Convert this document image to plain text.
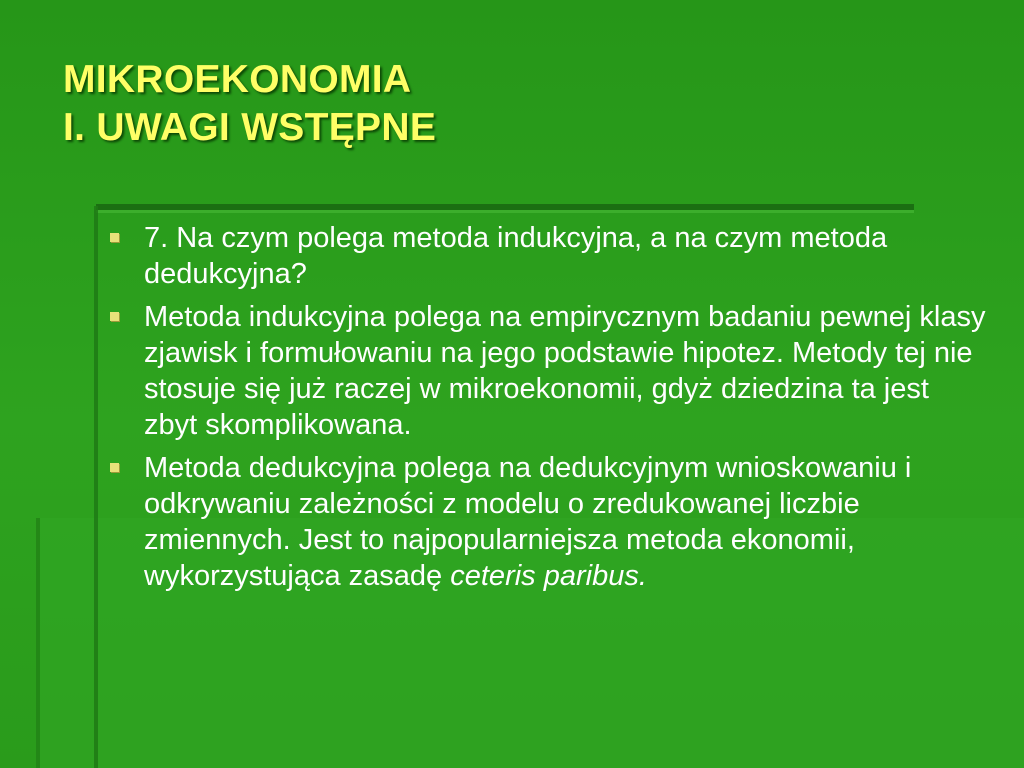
MIKROEKONOMIA
I. UWAGI WSTĘPNE
7. Na czym polega metoda indukcyjna, a na czym metoda dedukcyjna?
Metoda indukcyjna polega na empirycznym badaniu pewnej klasy zjawisk i formułowaniu na jego podstawie hipotez. Metody tej nie stosuje się już raczej w mikroekonomii, gdyż dziedzina ta jest zbyt skomplikowana.
Metoda dedukcyjna polega na dedukcyjnym wnioskowaniu i odkrywaniu zależności z modelu o zredukowanej liczbie zmiennych. Jest to najpopularniejsza metoda ekonomii, wykorzystująca zasadę ceteris paribus.
